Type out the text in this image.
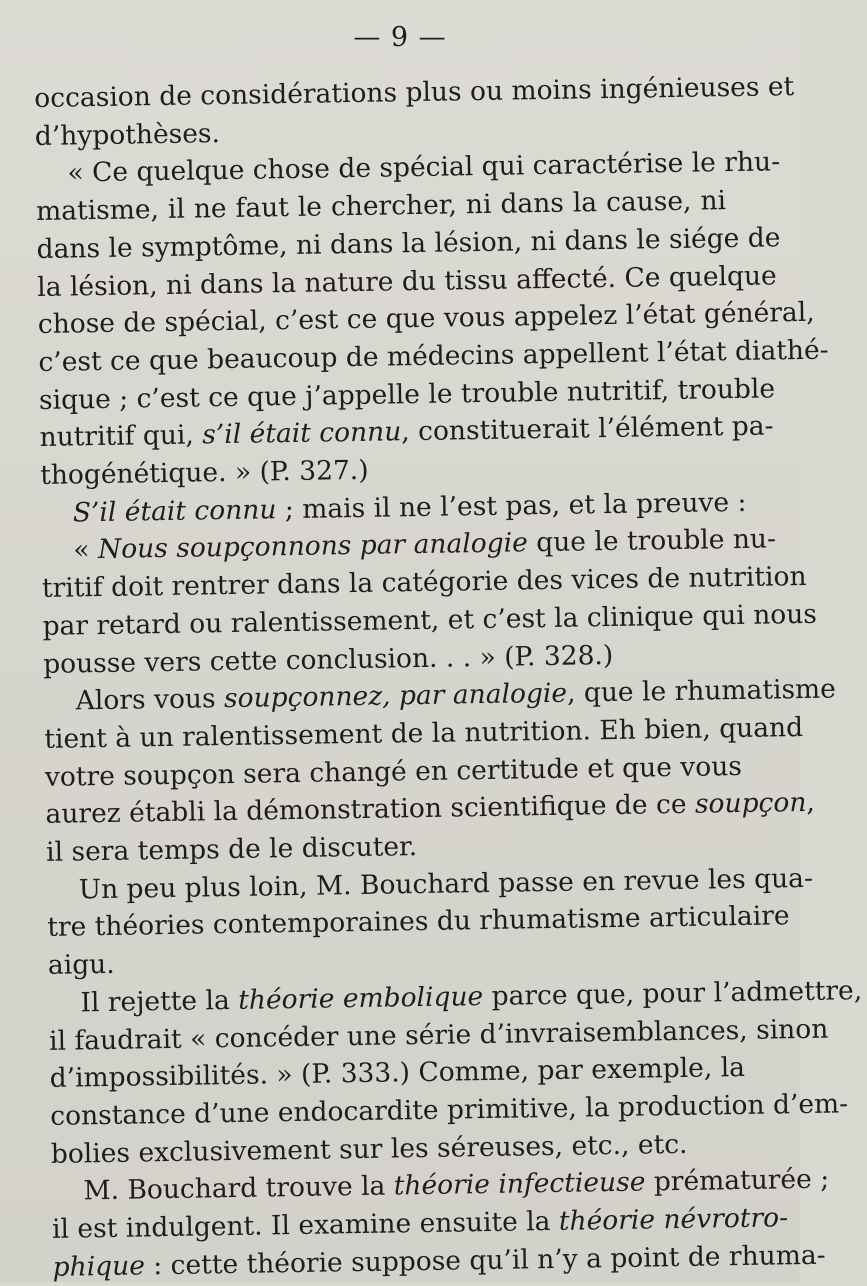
— 9 —
occasion de considérations plus ou moins ingénieuses et
d’hypothèses.
« Ce quelque chose de spécial qui caractérise le rhu-
matisme, il ne faut le chercher, ni dans la cause, ni
dans le symptôme, ni dans la lésion, ni dans le siége de
la lésion, ni dans la nature du tissu affecté. Ce quelque
chose de spécial, c’est ce que vous appelez l’état général,
c’est ce que beaucoup de médecins appellent l’état diathé-
sique ; c’est ce que j’appelle le trouble nutritif, trouble
nutritif qui, s’il était connu, constituerait l’élément pa-
thogénétique. » (P. 327.)
S’il était connu ; mais il ne l’est pas, et la preuve :
« Nous soupçonnons par analogie que le trouble nu-
tritif doit rentrer dans la catégorie des vices de nutrition
par retard ou ralentissement, et c’est la clinique qui nous
pousse vers cette conclusion. . . » (P. 328.)
Alors vous soupçonnez, par analogie, que le rhumatisme
tient à un ralentissement de la nutrition. Eh bien, quand
votre soupçon sera changé en certitude et que vous
aurez établi la démonstration scientifique de ce soupçon,
il sera temps de le discuter.
Un peu plus loin, M. Bouchard passe en revue les qua-
tre théories contemporaines du rhumatisme articulaire
aigu.
Il rejette la théorie embolique parce que, pour l’admettre,
il faudrait « concéder une série d’invraisemblances, sinon
d’impossibilités. » (P. 333.) Comme, par exemple, la
constance d’une endocardite primitive, la production d’em-
bolies exclusivement sur les séreuses, etc., etc.
M. Bouchard trouve la théorie infectieuse prématurée ;
il est indulgent. Il examine ensuite la théorie névrotro-
phique : cette théorie suppose qu’il n’y a point de rhuma-
